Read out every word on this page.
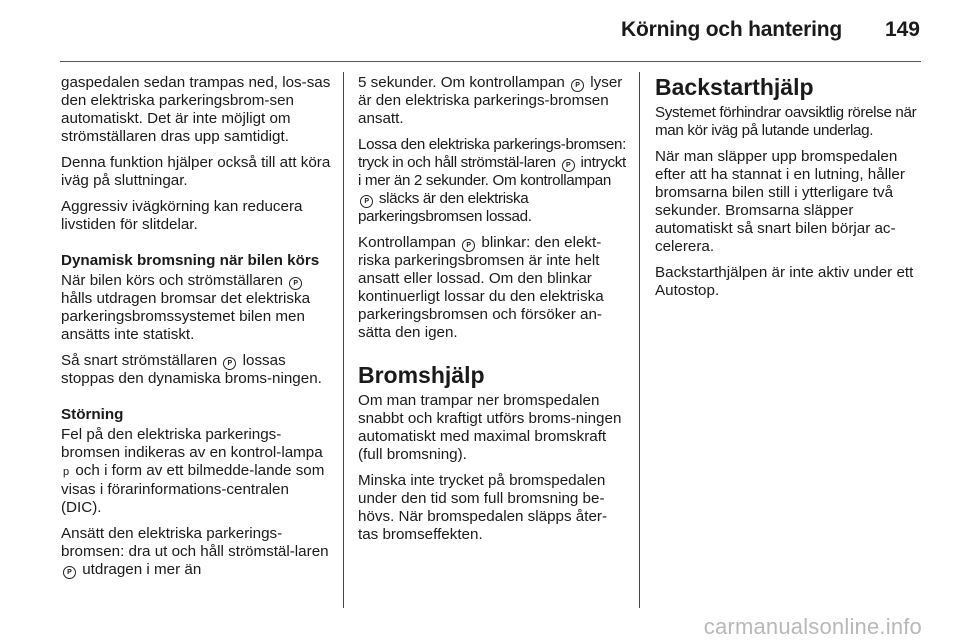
Körning och hantering 149

gaspedalen sedan trampas ned, los-sas den elektriska parkeringsbrom-sen automatiskt. Det är inte möjligt om strömställaren dras upp samtidigt.

Denna funktion hjälper också till att köra iväg på sluttningar.

Aggressiv ivägkörning kan reducera livstiden för slitdelar.

Dynamisk bromsning när bilen körs

När bilen körs och strömställaren P hålls utdragen bromsar det elektriska parkeringsbromssystemet bilen men ansätts inte statiskt.

Så snart strömställaren P lossas stoppas den dynamiska broms-ningen.

Störning

Fel på den elektriska parkerings-bromsen indikeras av en kontrol-lampa p och i form av ett bilmedde-lande som visas i förarinformations-centralen (DIC).

Ansätt den elektriska parkerings-bromsen: dra ut och håll strömstäl-laren P utdragen i mer än

5 sekunder. Om kontrollampan P lyser är den elektriska parkerings-bromsen ansatt.

Lossa den elektriska parkerings-bromsen: tryck in och håll strömstäl-laren P intryckt i mer än 2 sekunder. Om kontrollampan P släcks är den elektriska parkeringsbromsen lossad.

Kontrollampan P blinkar: den elekt-riska parkeringsbromsen är inte helt ansatt eller lossad. Om den blinkar kontinuerligt lossar du den elektriska parkeringsbromsen och försöker an-sätta den igen.

Bromshjälp

Om man trampar ner bromspedalen snabbt och kraftigt utförs broms-ningen automatiskt med maximal bromskraft (full bromsning).

Minska inte trycket på bromspedalen under den tid som full bromsning be-hövs. När bromspedalen släpps åter-tas bromseffekten.

Backstarthjälp

Systemet förhindrar oavsiktlig rörelse när man kör iväg på lutande underlag.

När man släpper upp bromspedalen efter att ha stannat i en lutning, håller bromsarna bilen still i ytterligare två sekunder. Bromsarna släpper automatiskt så snart bilen börjar ac-celerera.

Backstarthjälpen är inte aktiv under ett Autostop.

carmanualsonline.info
